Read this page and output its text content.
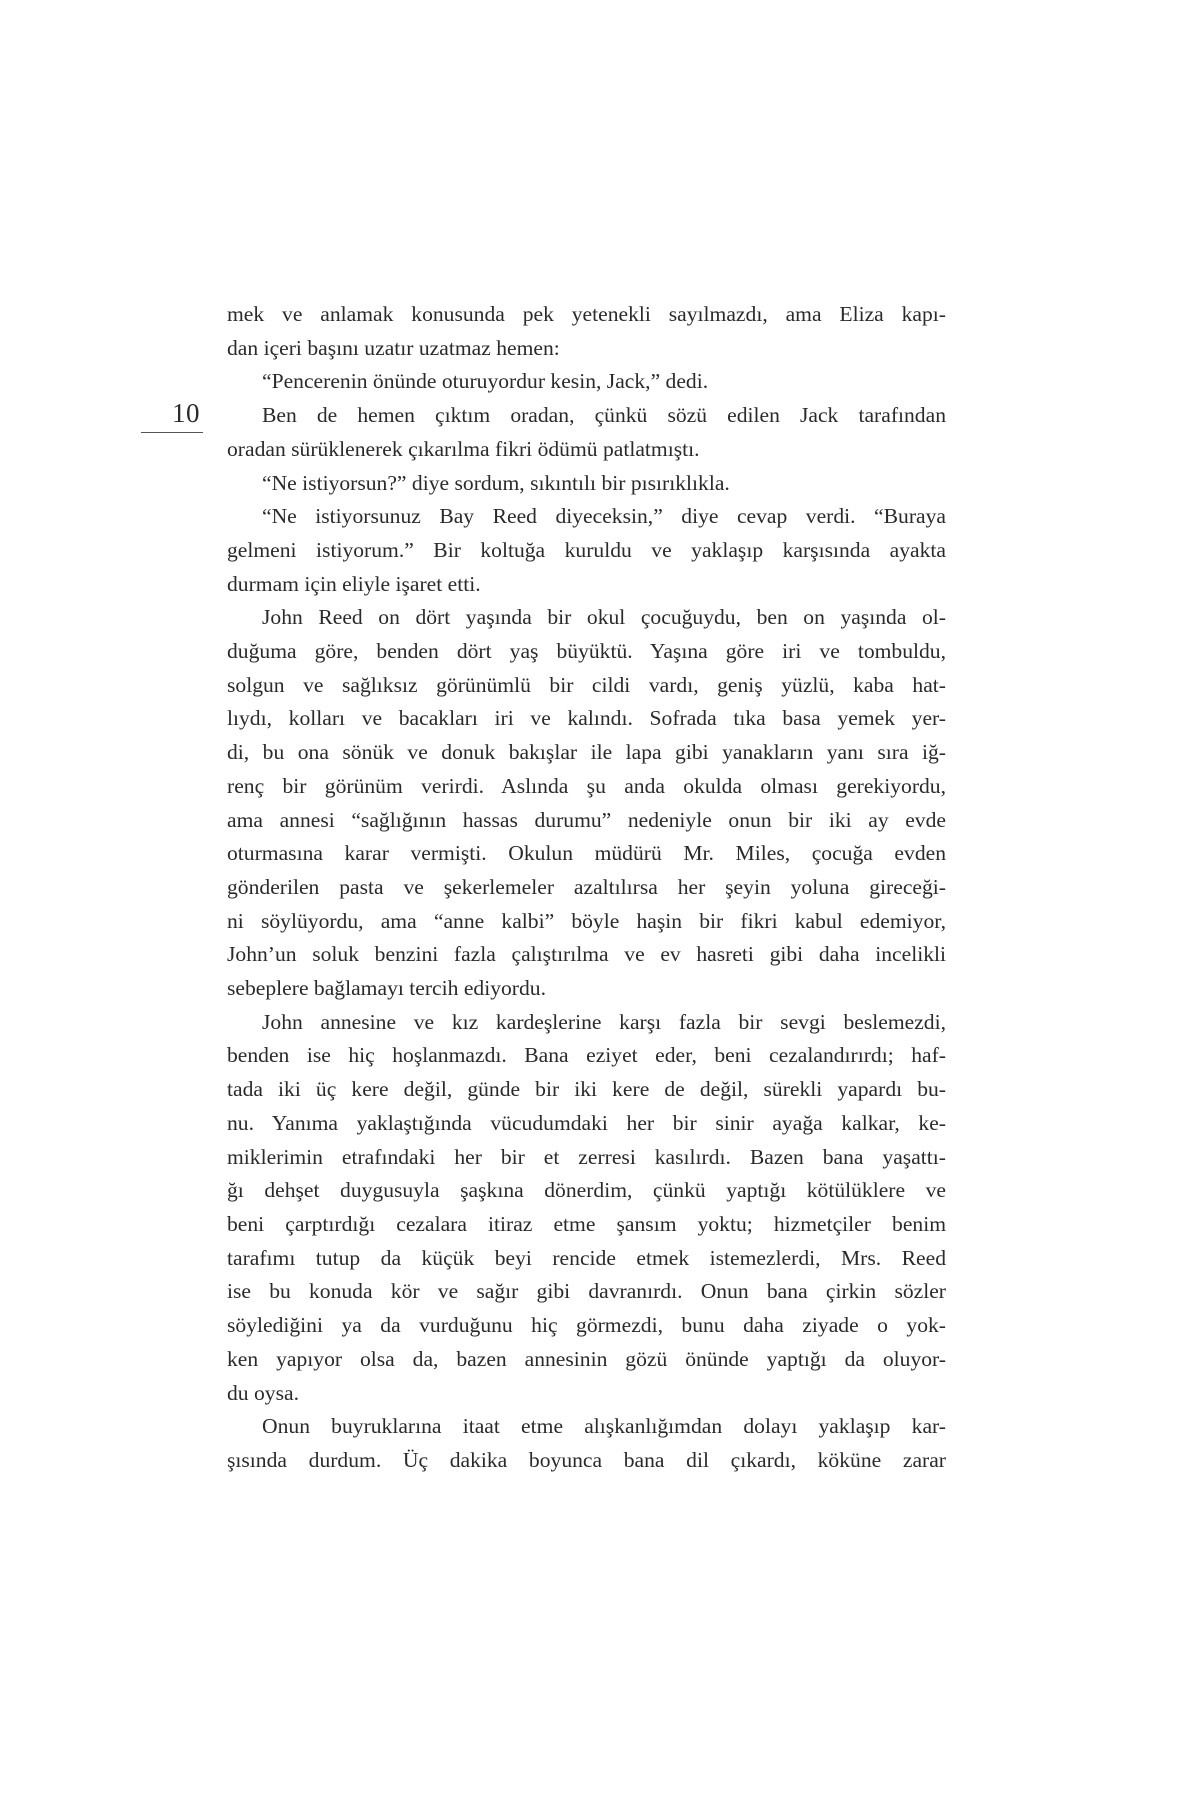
10
mek ve anlamak konusunda pek yetenekli sayılmazdı, ama Eliza kapı-
dan içeri başını uzatır uzatmaz hemen:
“Pencerenin önünde oturuyordur kesin, Jack,” dedi.
Ben de hemen çıktım oradan, çünkü sözü edilen Jack tarafından
oradan sürüklenerek çıkarılma fikri ödümü patlatmıştı.
“Ne istiyorsun?” diye sordum, sıkıntılı bir pısırıklıkla.
“Ne istiyorsunuz Bay Reed diyeceksin,” diye cevap verdi. “Buraya
gelmeni istiyorum.” Bir koltuğa kuruldu ve yaklaşıp karşısında ayakta
durmam için eliyle işaret etti.
John Reed on dört yaşında bir okul çocuğuydu, ben on yaşında ol-
duğuma göre, benden dört yaş büyüktü. Yaşına göre iri ve tombuldu,
solgun ve sağlıksız görünümlü bir cildi vardı, geniş yüzlü, kaba hat-
lıydı, kolları ve bacakları iri ve kalındı. Sofrada tıka basa yemek yer-
di, bu ona sönük ve donuk bakışlar ile lapa gibi yanakların yanı sıra iğ-
renç bir görünüm verirdi. Aslında şu anda okulda olması gerekiyordu,
ama annesi “sağlığının hassas durumu” nedeniyle onun bir iki ay evde
oturmasına karar vermişti. Okulun müdürü Mr. Miles, çocuğa evden
gönderilen pasta ve şekerlemeler azaltılırsa her şeyin yoluna gireceği-
ni söylüyordu, ama “anne kalbi” böyle haşin bir fikri kabul edemiyor,
John’un soluk benzini fazla çalıştırılma ve ev hasreti gibi daha incelikli
sebeplere bağlamayı tercih ediyordu.
John annesine ve kız kardeşlerine karşı fazla bir sevgi beslemezdi,
benden ise hiç hoşlanmazdı. Bana eziyet eder, beni cezalandırırdı; haf-
tada iki üç kere değil, günde bir iki kere de değil, sürekli yapardı bu-
nu. Yanıma yaklaştığında vücudumdaki her bir sinir ayağa kalkar, ke-
miklerimin etrafındaki her bir et zerresi kasılırdı. Bazen bana yaşattı-
ğı dehşet duygusuyla şaşkına dönerdim, çünkü yaptığı kötülüklere ve
beni çarptırdığı cezalara itiraz etme şansım yoktu; hizmetçiler benim
tarafımı tutup da küçük beyi rencide etmek istemezlerdi, Mrs. Reed
ise bu konuda kör ve sağır gibi davranırdı. Onun bana çirkin sözler
söylediğini ya da vurduğunu hiç görmezdi, bunu daha ziyade o yok-
ken yapıyor olsa da, bazen annesinin gözü önünde yaptığı da oluyor-
du oysa.
Onun buyruklarına itaat etme alışkanlığımdan dolayı yaklaşıp kar-
şısında durdum. Üç dakika boyunca bana dil çıkardı, köküne zarar
